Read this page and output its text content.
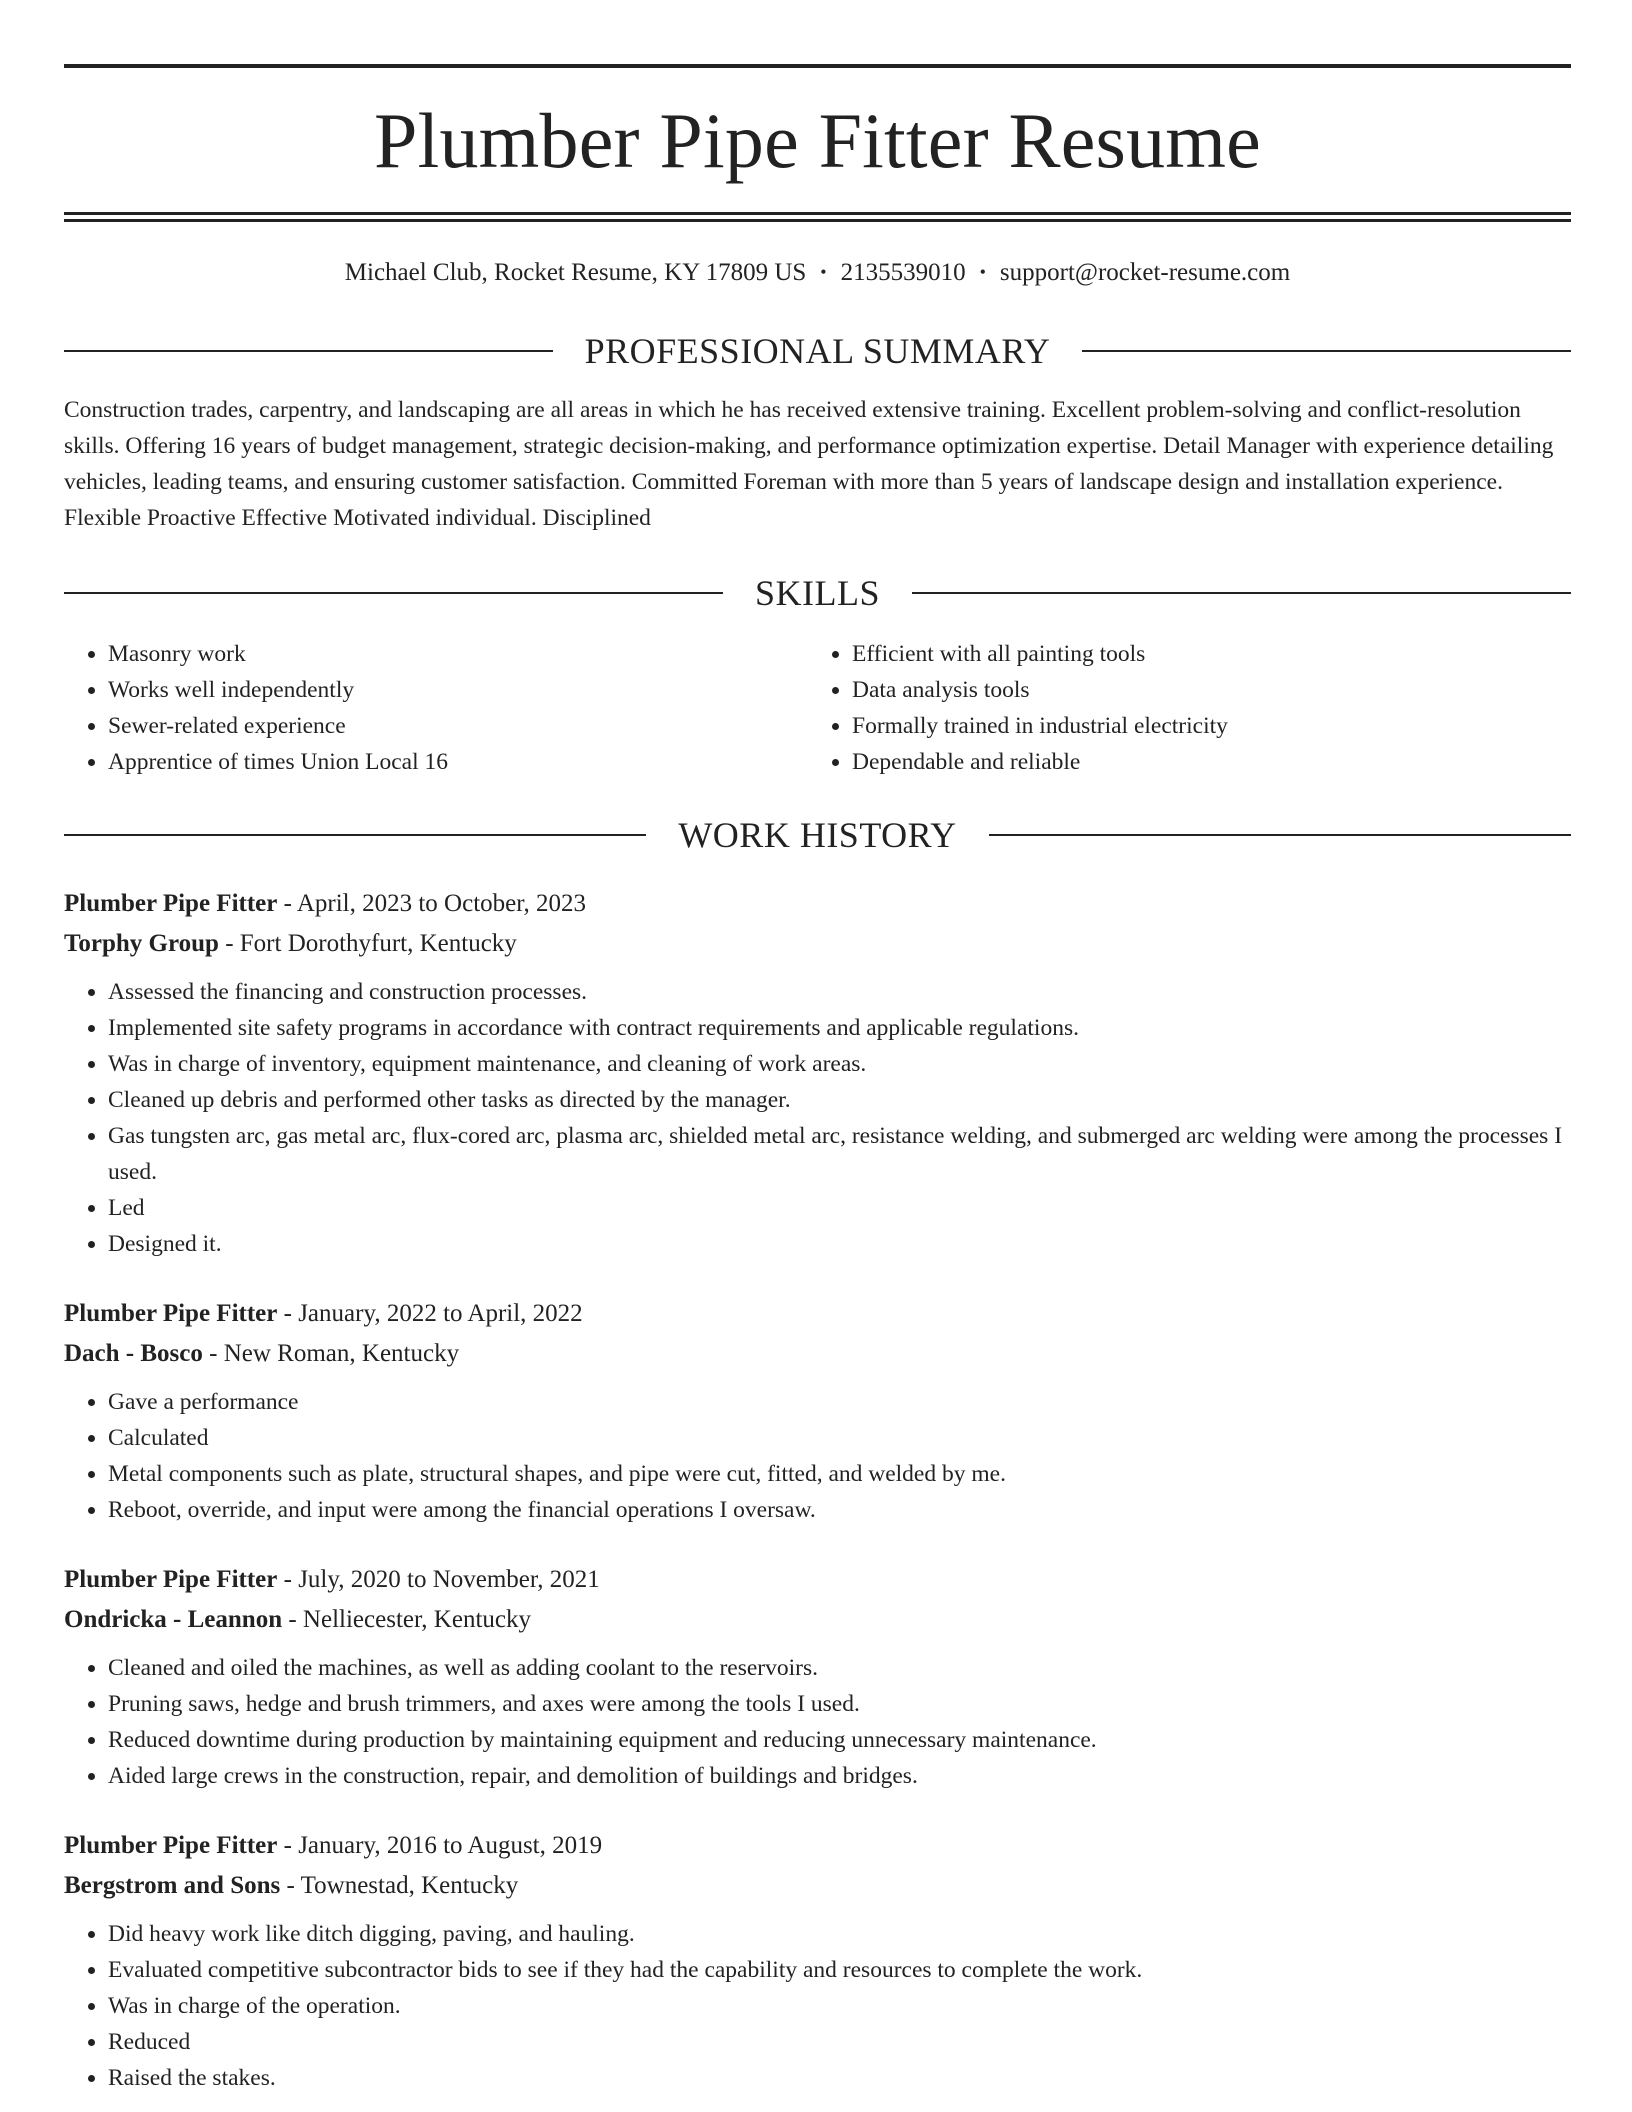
Plumber Pipe Fitter Resume
Michael Club, Rocket Resume, KY 17809 US • 2135539010 • support@rocket-resume.com
PROFESSIONAL SUMMARY
Construction trades, carpentry, and landscaping are all areas in which he has received extensive training. Excellent problem-solving and conflict-resolution skills. Offering 16 years of budget management, strategic decision-making, and performance optimization expertise. Detail Manager with experience detailing vehicles, leading teams, and ensuring customer satisfaction. Committed Foreman with more than 5 years of landscape design and installation experience. Flexible Proactive Effective Motivated individual. Disciplined
SKILLS
• Masonry work
• Works well independently
• Sewer-related experience
• Apprentice of times Union Local 16
• Efficient with all painting tools
• Data analysis tools
• Formally trained in industrial electricity
• Dependable and reliable
WORK HISTORY
Plumber Pipe Fitter - April, 2023 to October, 2023
Torphy Group - Fort Dorothyfurt, Kentucky
• Assessed the financing and construction processes.
• Implemented site safety programs in accordance with contract requirements and applicable regulations.
• Was in charge of inventory, equipment maintenance, and cleaning of work areas.
• Cleaned up debris and performed other tasks as directed by the manager.
• Gas tungsten arc, gas metal arc, flux-cored arc, plasma arc, shielded metal arc, resistance welding, and submerged arc welding were among the processes I used.
• Led
• Designed it.
Plumber Pipe Fitter - January, 2022 to April, 2022
Dach - Bosco - New Roman, Kentucky
• Gave a performance
• Calculated
• Metal components such as plate, structural shapes, and pipe were cut, fitted, and welded by me.
• Reboot, override, and input were among the financial operations I oversaw.
Plumber Pipe Fitter - July, 2020 to November, 2021
Ondricka - Leannon - Nelliecester, Kentucky
• Cleaned and oiled the machines, as well as adding coolant to the reservoirs.
• Pruning saws, hedge and brush trimmers, and axes were among the tools I used.
• Reduced downtime during production by maintaining equipment and reducing unnecessary maintenance.
• Aided large crews in the construction, repair, and demolition of buildings and bridges.
Plumber Pipe Fitter - January, 2016 to August, 2019
Bergstrom and Sons - Townestad, Kentucky
• Did heavy work like ditch digging, paving, and hauling.
• Evaluated competitive subcontractor bids to see if they had the capability and resources to complete the work.
• Was in charge of the operation.
• Reduced
• Raised the stakes.
